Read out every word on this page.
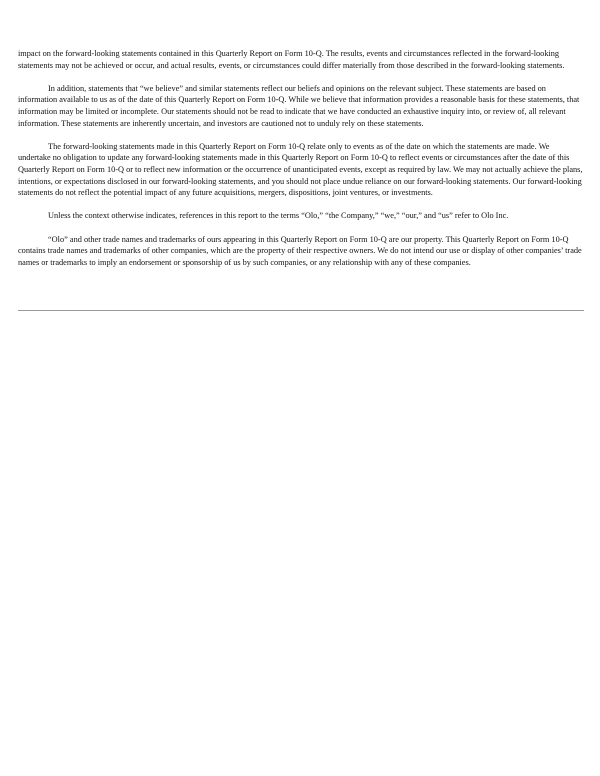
impact on the forward-looking statements contained in this Quarterly Report on Form 10-Q. The results, events and circumstances reflected in the forward-looking statements may not be achieved or occur, and actual results, events, or circumstances could differ materially from those described in the forward-looking statements.

In addition, statements that “we believe” and similar statements reflect our beliefs and opinions on the relevant subject. These statements are based on information available to us as of the date of this Quarterly Report on Form 10-Q. While we believe that information provides a reasonable basis for these statements, that information may be limited or incomplete. Our statements should not be read to indicate that we have conducted an exhaustive inquiry into, or review of, all relevant information. These statements are inherently uncertain, and investors are cautioned not to unduly rely on these statements.

The forward-looking statements made in this Quarterly Report on Form 10-Q relate only to events as of the date on which the statements are made. We undertake no obligation to update any forward-looking statements made in this Quarterly Report on Form 10-Q to reflect events or circumstances after the date of this Quarterly Report on Form 10-Q or to reflect new information or the occurrence of unanticipated events, except as required by law. We may not actually achieve the plans, intentions, or expectations disclosed in our forward-looking statements, and you should not place undue reliance on our forward-looking statements. Our forward-looking statements do not reflect the potential impact of any future acquisitions, mergers, dispositions, joint ventures, or investments.

Unless the context otherwise indicates, references in this report to the terms “Olo,” “the Company,” “we,” “our,” and “us” refer to Olo Inc.

“Olo” and other trade names and trademarks of ours appearing in this Quarterly Report on Form 10-Q are our property. This Quarterly Report on Form 10-Q contains trade names and trademarks of other companies, which are the property of their respective owners. We do not intend our use or display of other companies’ trade names or trademarks to imply an endorsement or sponsorship of us by such companies, or any relationship with any of these companies.
